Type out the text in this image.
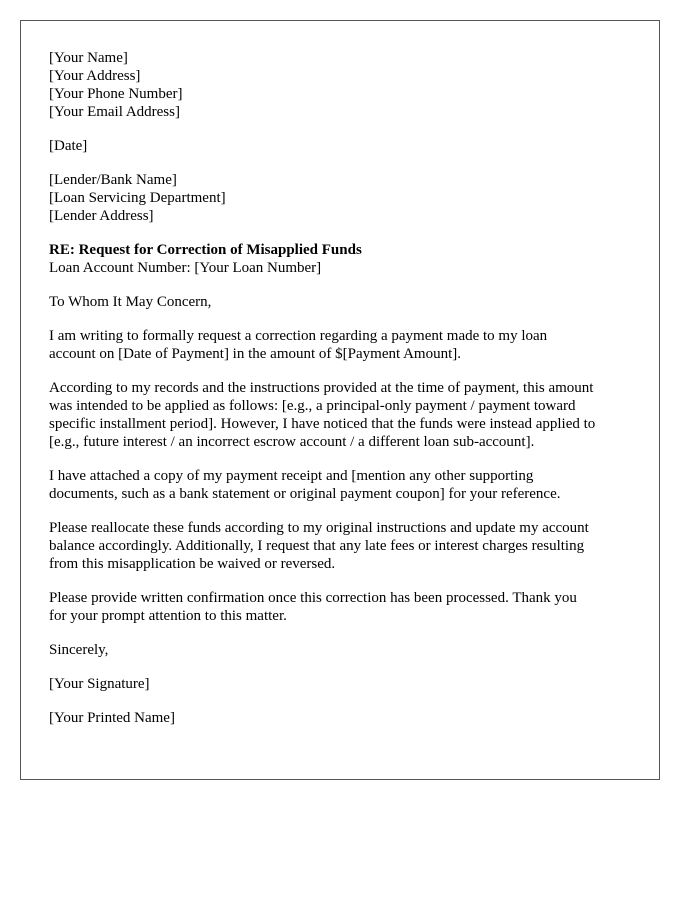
[Your Name]
[Your Address]
[Your Phone Number]
[Your Email Address]
[Date]
[Lender/Bank Name]
[Loan Servicing Department]
[Lender Address]
RE: Request for Correction of Misapplied Funds
Loan Account Number: [Your Loan Number]
To Whom It May Concern,
I am writing to formally request a correction regarding a payment made to my loan
account on [Date of Payment] in the amount of $[Payment Amount].
According to my records and the instructions provided at the time of payment, this amount
was intended to be applied as follows: [e.g., a principal-only payment / payment toward
specific installment period]. However, I have noticed that the funds were instead applied to
[e.g., future interest / an incorrect escrow account / a different loan sub-account].
I have attached a copy of my payment receipt and [mention any other supporting
documents, such as a bank statement or original payment coupon] for your reference.
Please reallocate these funds according to my original instructions and update my account
balance accordingly. Additionally, I request that any late fees or interest charges resulting
from this misapplication be waived or reversed.
Please provide written confirmation once this correction has been processed. Thank you
for your prompt attention to this matter.
Sincerely,
[Your Signature]
[Your Printed Name]
